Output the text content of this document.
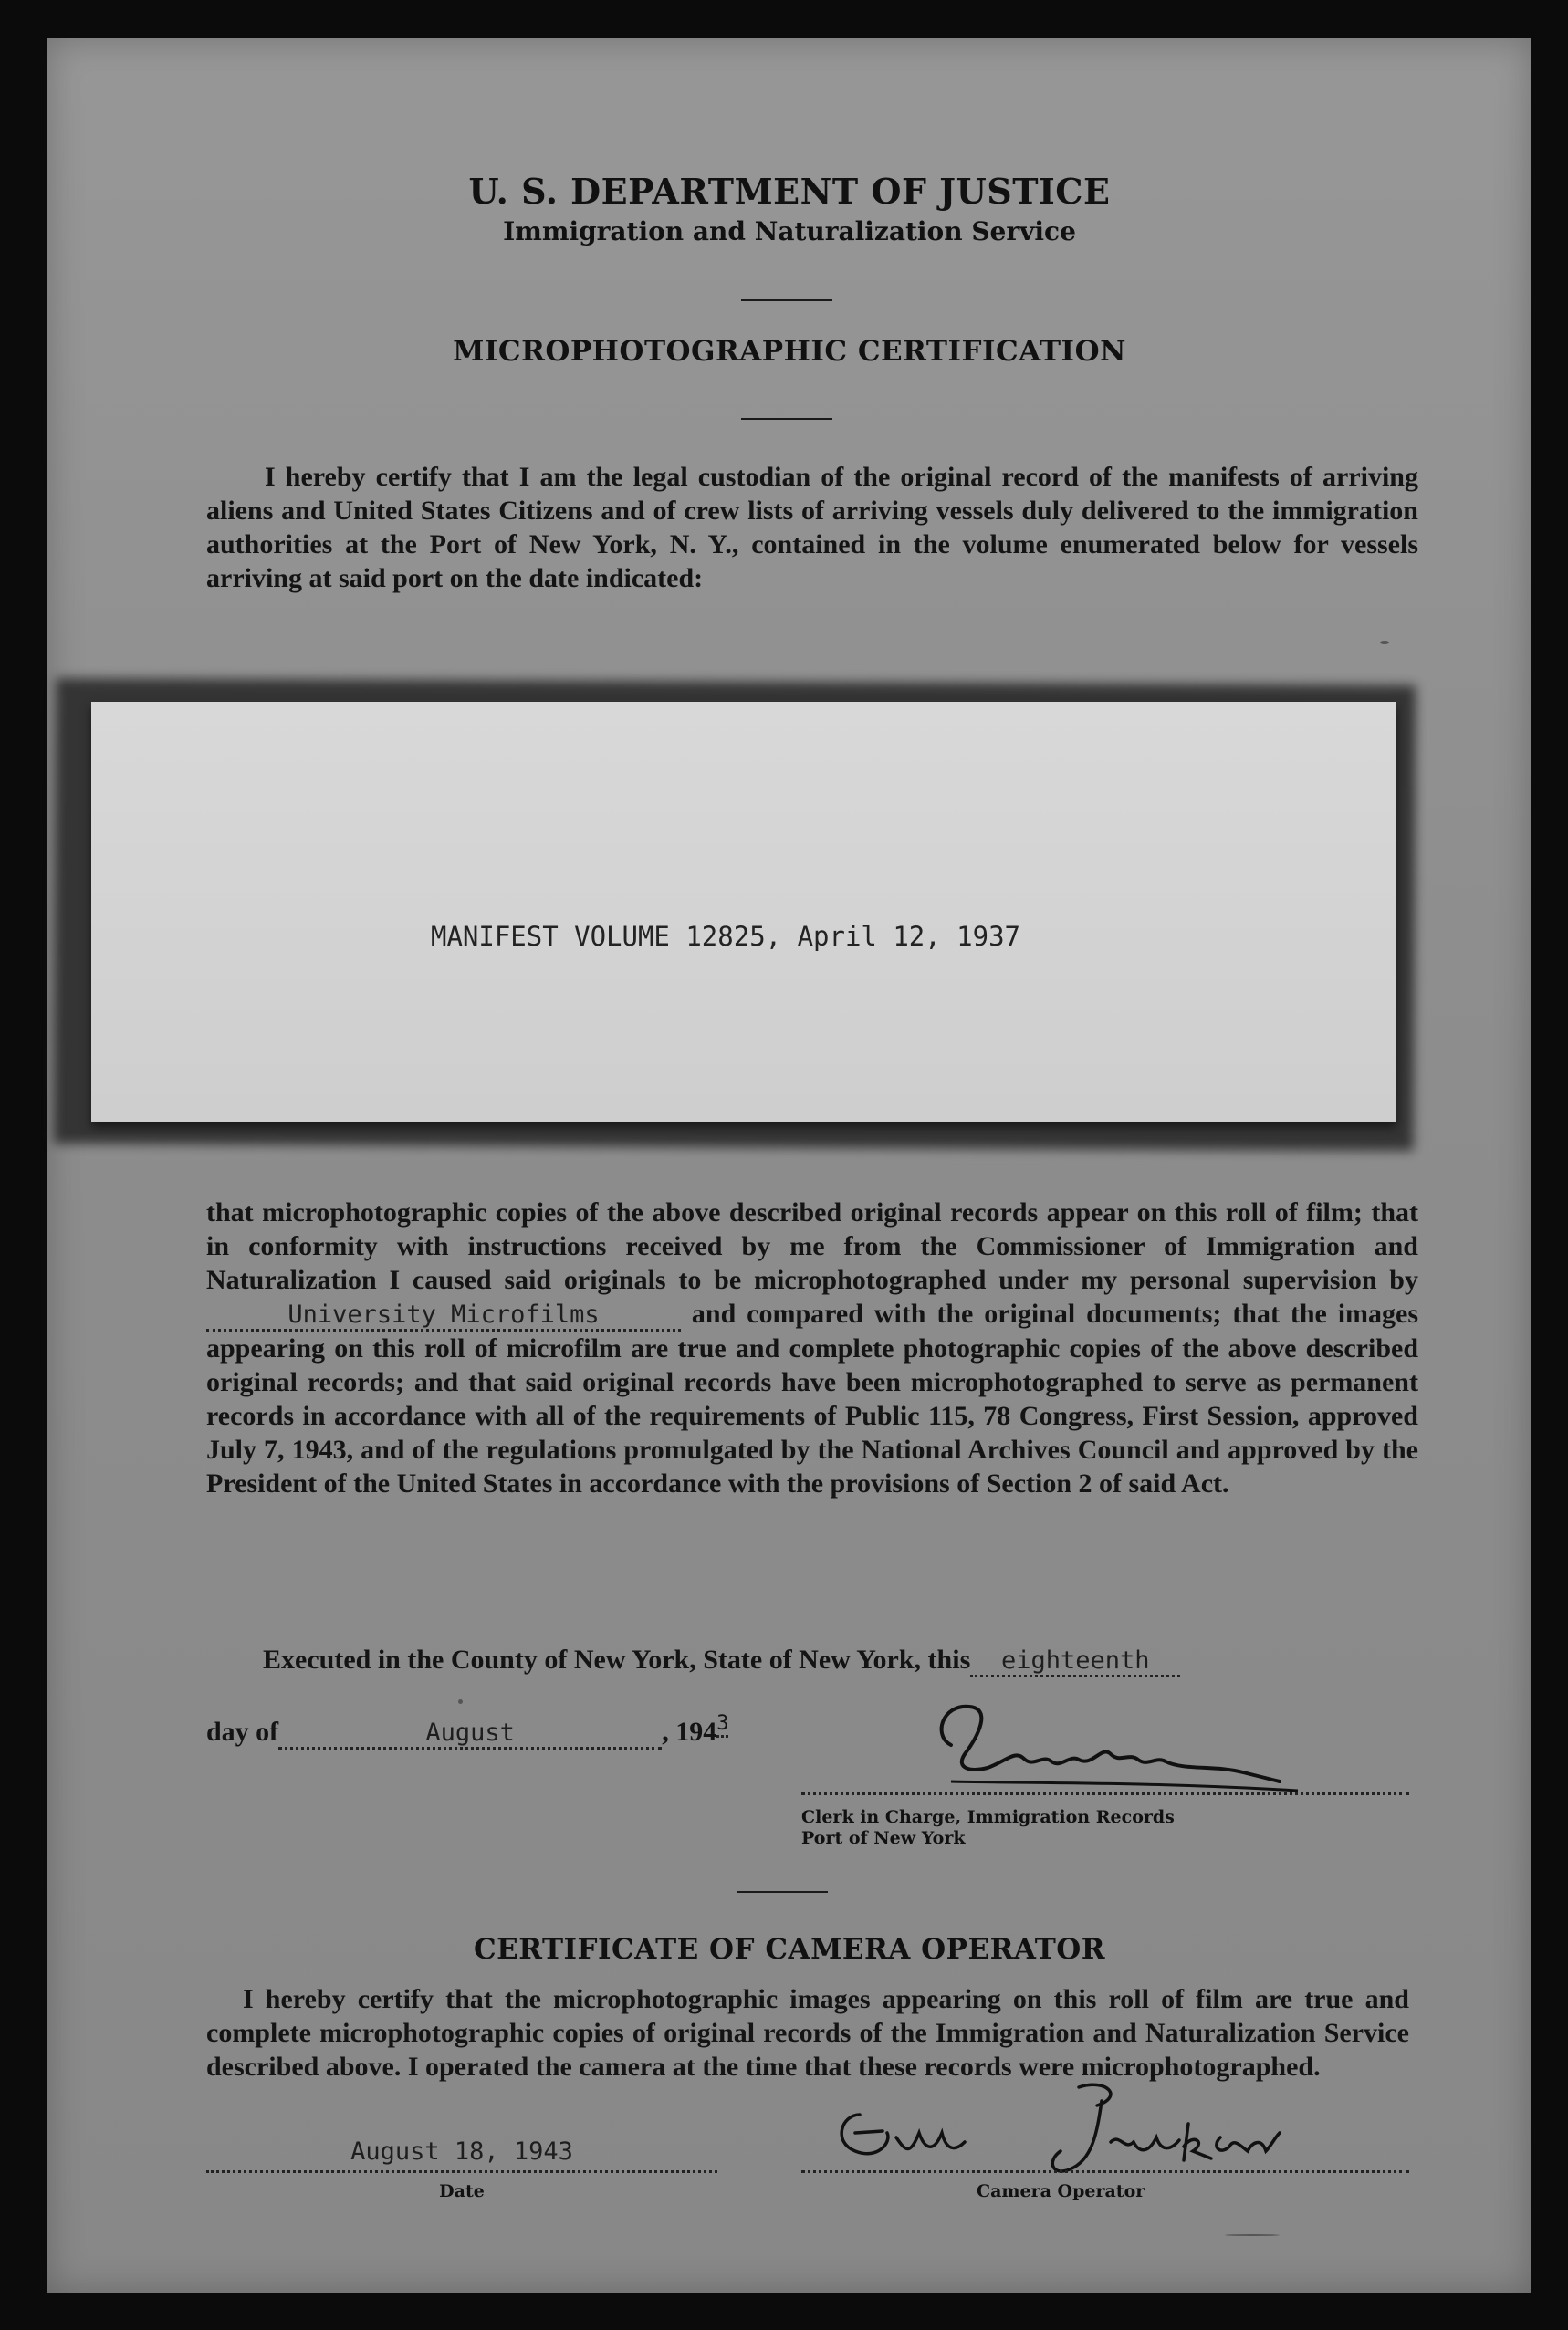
U. S. DEPARTMENT OF JUSTICE
Immigration and Naturalization Service
MICROPHOTOGRAPHIC CERTIFICATION
I hereby certify that I am the legal custodian of the original record of the manifests of arriving aliens and United States Citizens and of crew lists of arriving vessels duly delivered to the immigration authorities at the Port of New York, N. Y., contained in the volume enumerated below for vessels arriving at said port on the date indicated:
MANIFEST VOLUME 12825, April 12, 1937
that microphotographic copies of the above described original records appear on this roll of film; that in conformity with instructions received by me from the Commissioner of Immigration and Naturalization I caused said originals to be microphotographed under my personal supervision byUniversity Microfilms	and compared with the original documents; that the images appearing on this roll of microfilm are true and complete photographic copies of the above described original records; and that said original records have been microphotographed to serve as permanent records in accordance with all of the requirements of Public 115, 78 Congress, First Session, approved July 7, 1943, and of the regulations promulgated by the National Archives Council and approved by the President of the United States in accordance with the provisions of Section 2 of said Act.
Executed in the County of New York, State of New York, this eighteenth
day of	August	, $194^3$
Clerk in Charge, Immigration Records
Port of New York
CERTIFICATE OF CAMERA OPERATOR
I hereby certify that the microphotographic images appearing on this roll of film are true and complete microphotographic copies of original records of the Immigration and Naturalization Service described above. I operated the camera at the time that these records were microphotographed.
August 18, 1943
Date	Camera Operator
